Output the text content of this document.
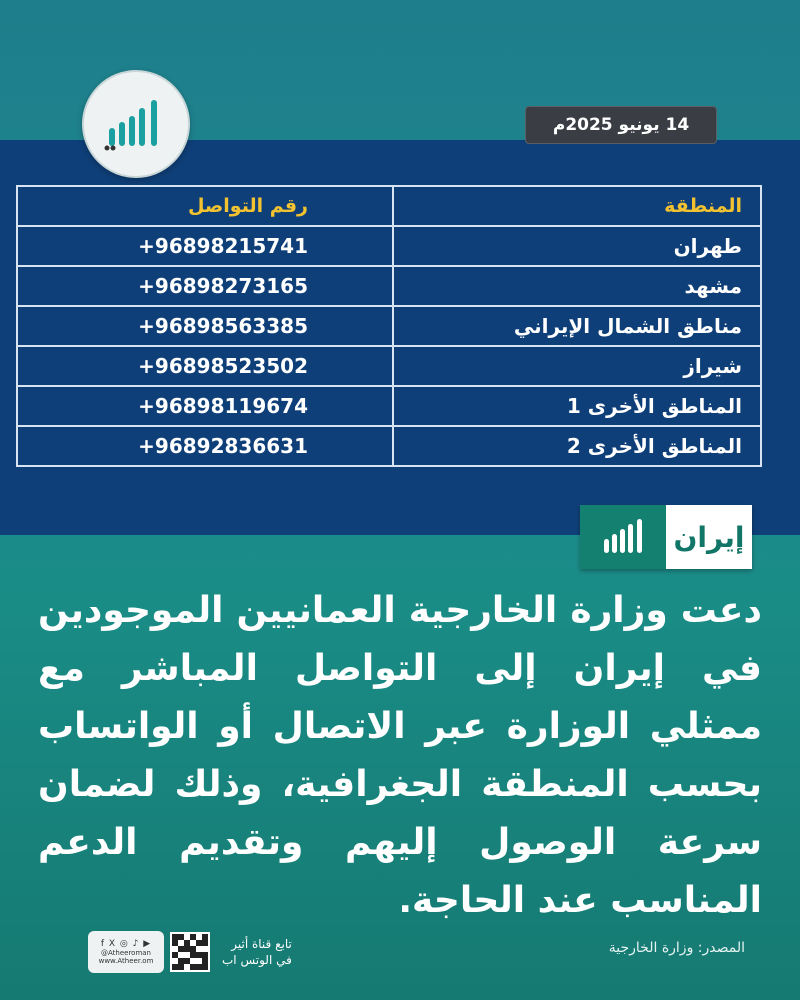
14 يونيو 2025م
المنطقة	رقم التواصل
طهران	+96898215741
مشهد	+96898273165
مناطق الشمال الإيراني	+96898563385
شيراز	+96898523502
المناطق الأخرى 1	+96898119674
المناطق الأخرى 2	+96892836631
إيران

دعت وزارة الخارجية العمانيين الموجودين في إيران إلى التواصل المباشر مع ممثلي الوزارة عبر الاتصال أو الواتساب بحسب المنطقة الجغرافية، وذلك لضمان سرعة الوصول إليهم وتقديم الدعم المناسب عند الحاجة.

المصدر: وزارة الخارجية
f X ◎ ♪ ▶
@Atheeroman
www.Atheer.om
تابع قناة أثير
في الوتس اب
